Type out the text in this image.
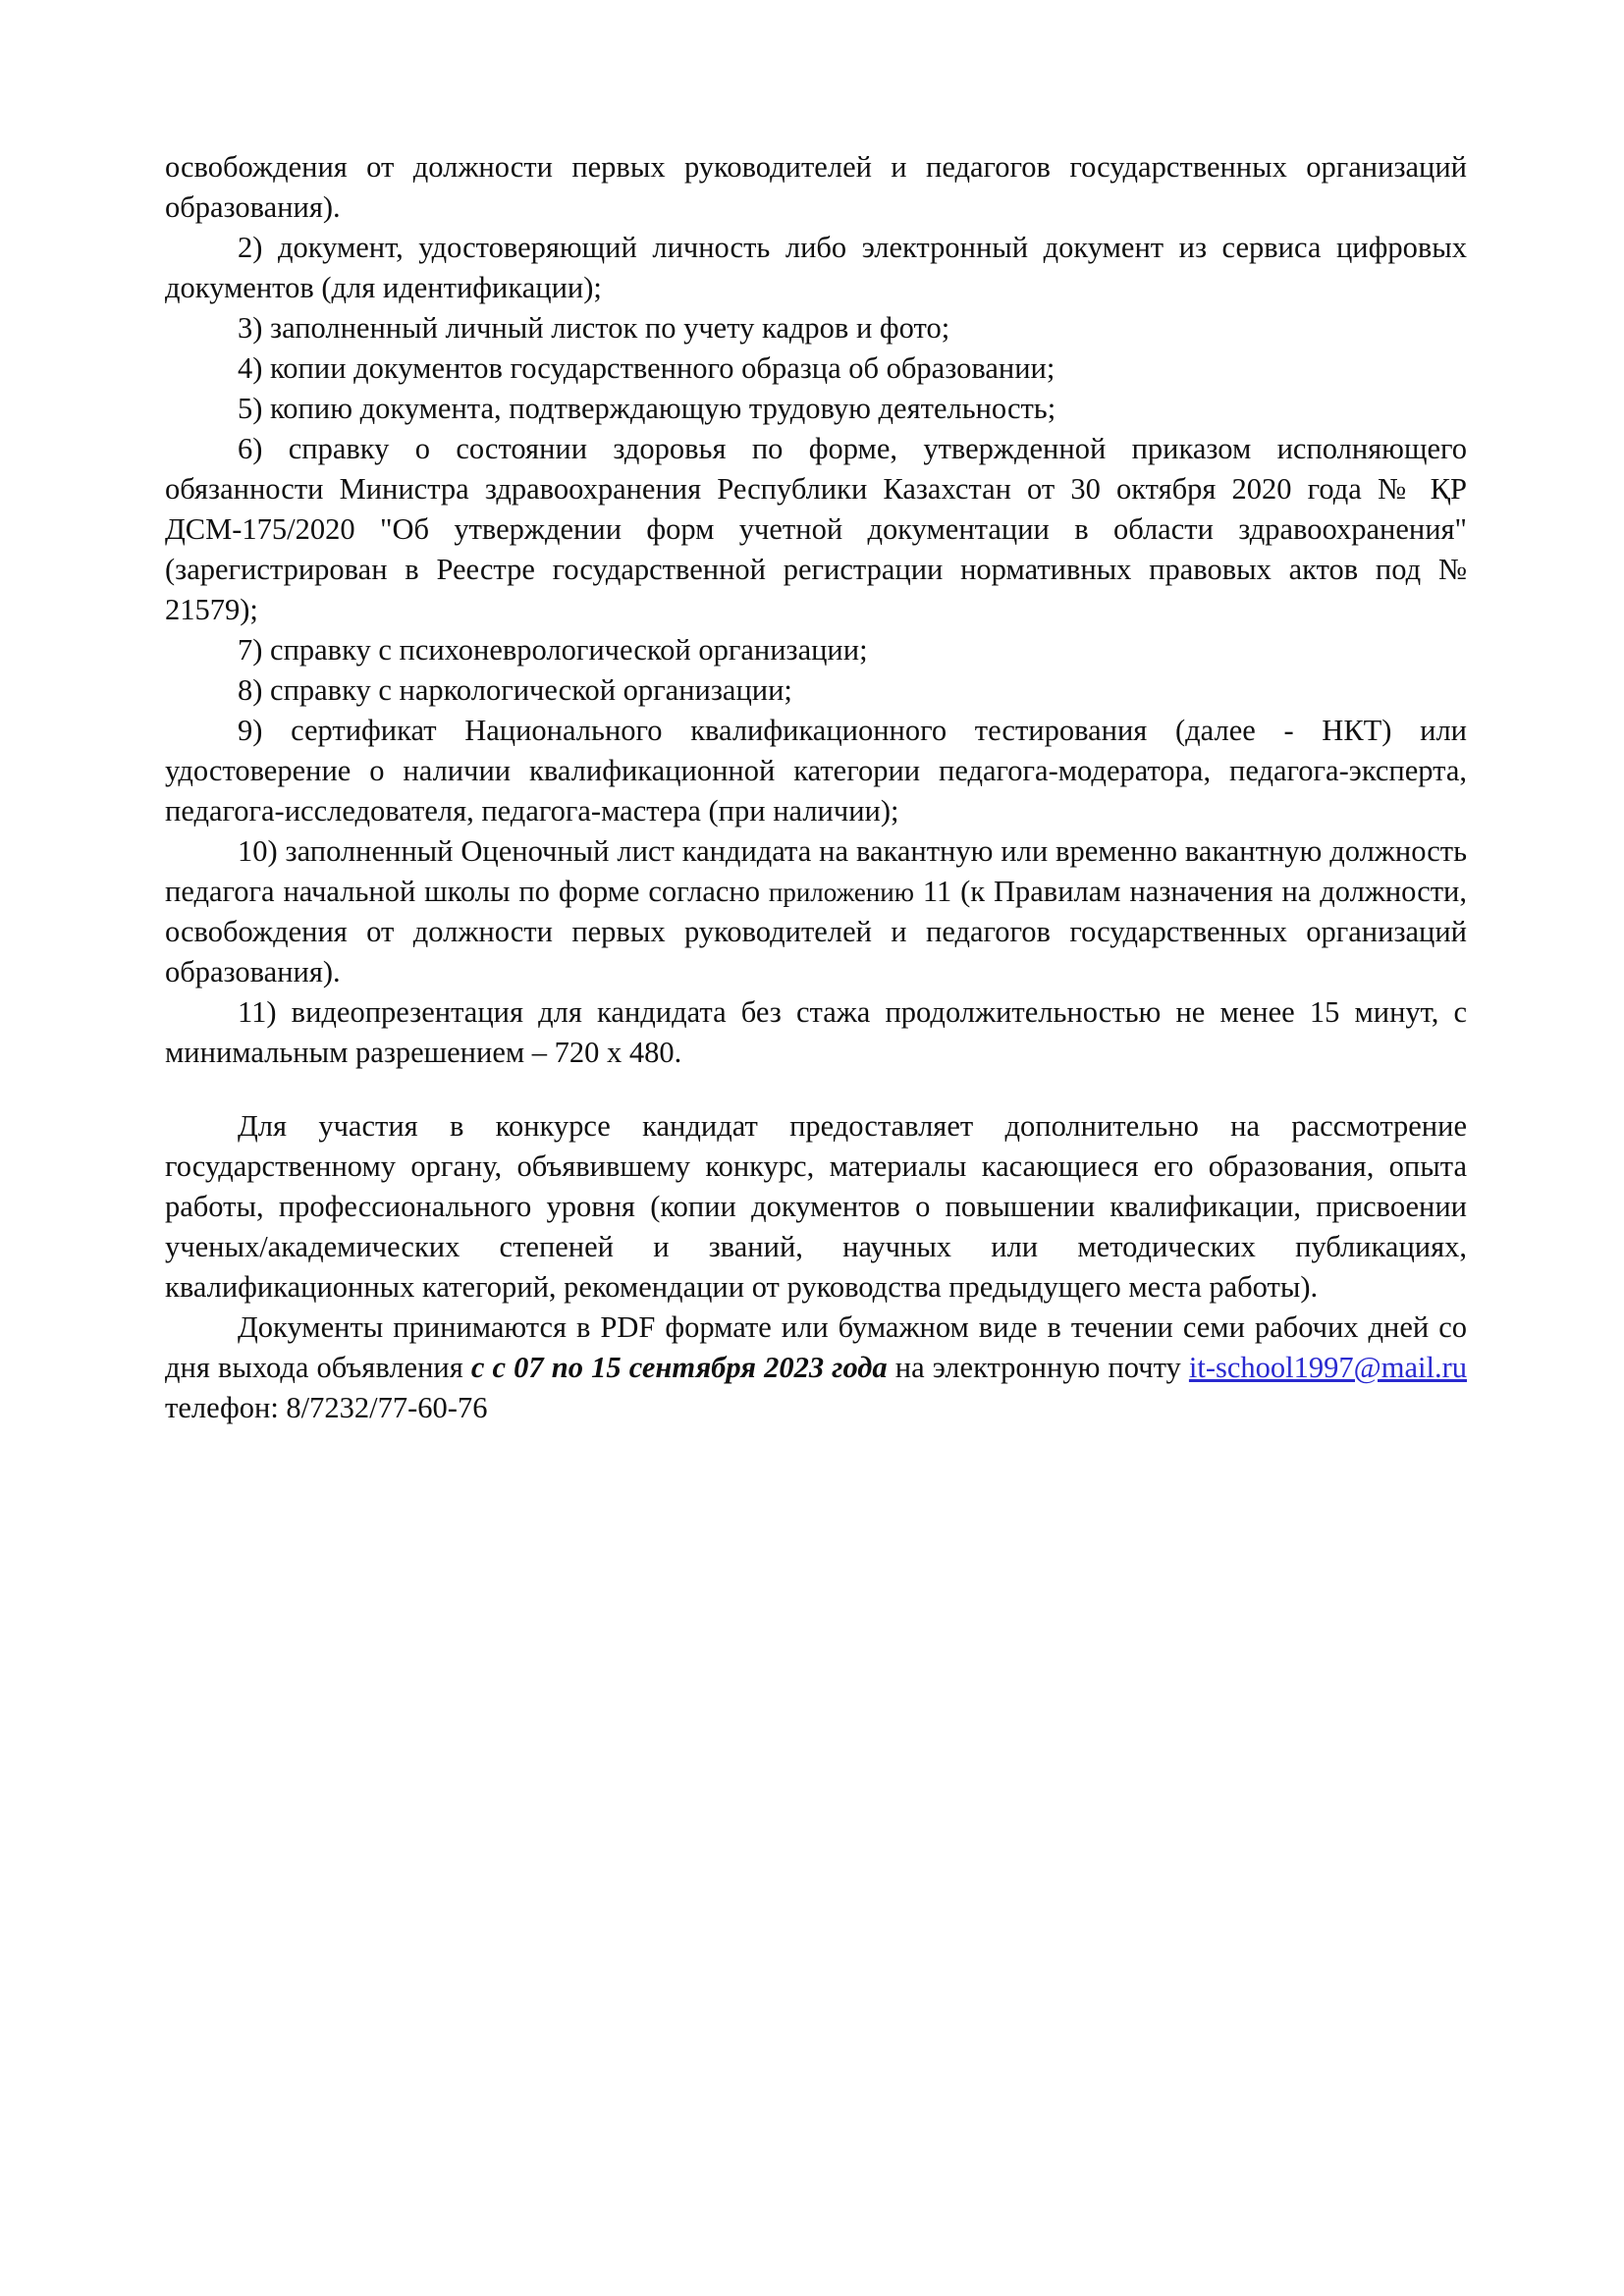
освобождения от должности первых руководителей и педагогов государственных организаций образования).

2) документ, удостоверяющий личность либо электронный документ из сервиса цифровых документов (для идентификации);

3) заполненный личный листок по учету кадров и фото;

4) копии документов государственного образца об образовании;

5) копию документа, подтверждающую трудовую деятельность;

6) справку о состоянии здоровья по форме, утвержденной приказом исполняющего обязанности Министра здравоохранения Республики Казахстан от 30 октября 2020 года № ҚР ДСМ-175/2020 "Об утверждении форм учетной документации в области здравоохранения" (зарегистрирован в Реестре государственной регистрации нормативных правовых актов под № 21579);

7) справку с психоневрологической организации;

8) справку с наркологической организации;

9) сертификат Национального квалификационного тестирования (далее - НКТ) или удостоверение о наличии квалификационной категории педагога-модератора, педагога-эксперта, педагога-исследователя, педагога-мастера (при наличии);

10) заполненный Оценочный лист кандидата на вакантную или временно вакантную должность педагога начальной школы по форме согласно приложению 11 (к Правилам назначения на должности, освобождения от должности первых руководителей и педагогов государственных организаций образования).

11) видеопрезентация для кандидата без стажа продолжительностью не менее 15 минут, с минимальным разрешением – 720 х 480.

Для участия в конкурсе кандидат предоставляет дополнительно на рассмотрение государственному органу, объявившему конкурс, материалы касающиеся его образования, опыта работы, профессионального уровня (копии документов о повышении квалификации, присвоении ученых/академических степеней и званий, научных или методических публикациях, квалификационных категорий, рекомендации от руководства предыдущего места работы).

Документы принимаются в PDF формате или бумажном виде в течении семи рабочих дней со дня выхода объявления с с 07 по 15 сентября 2023 года на электронную почту it-school1997@mail.ru телефон: 8/7232/77-60-76
